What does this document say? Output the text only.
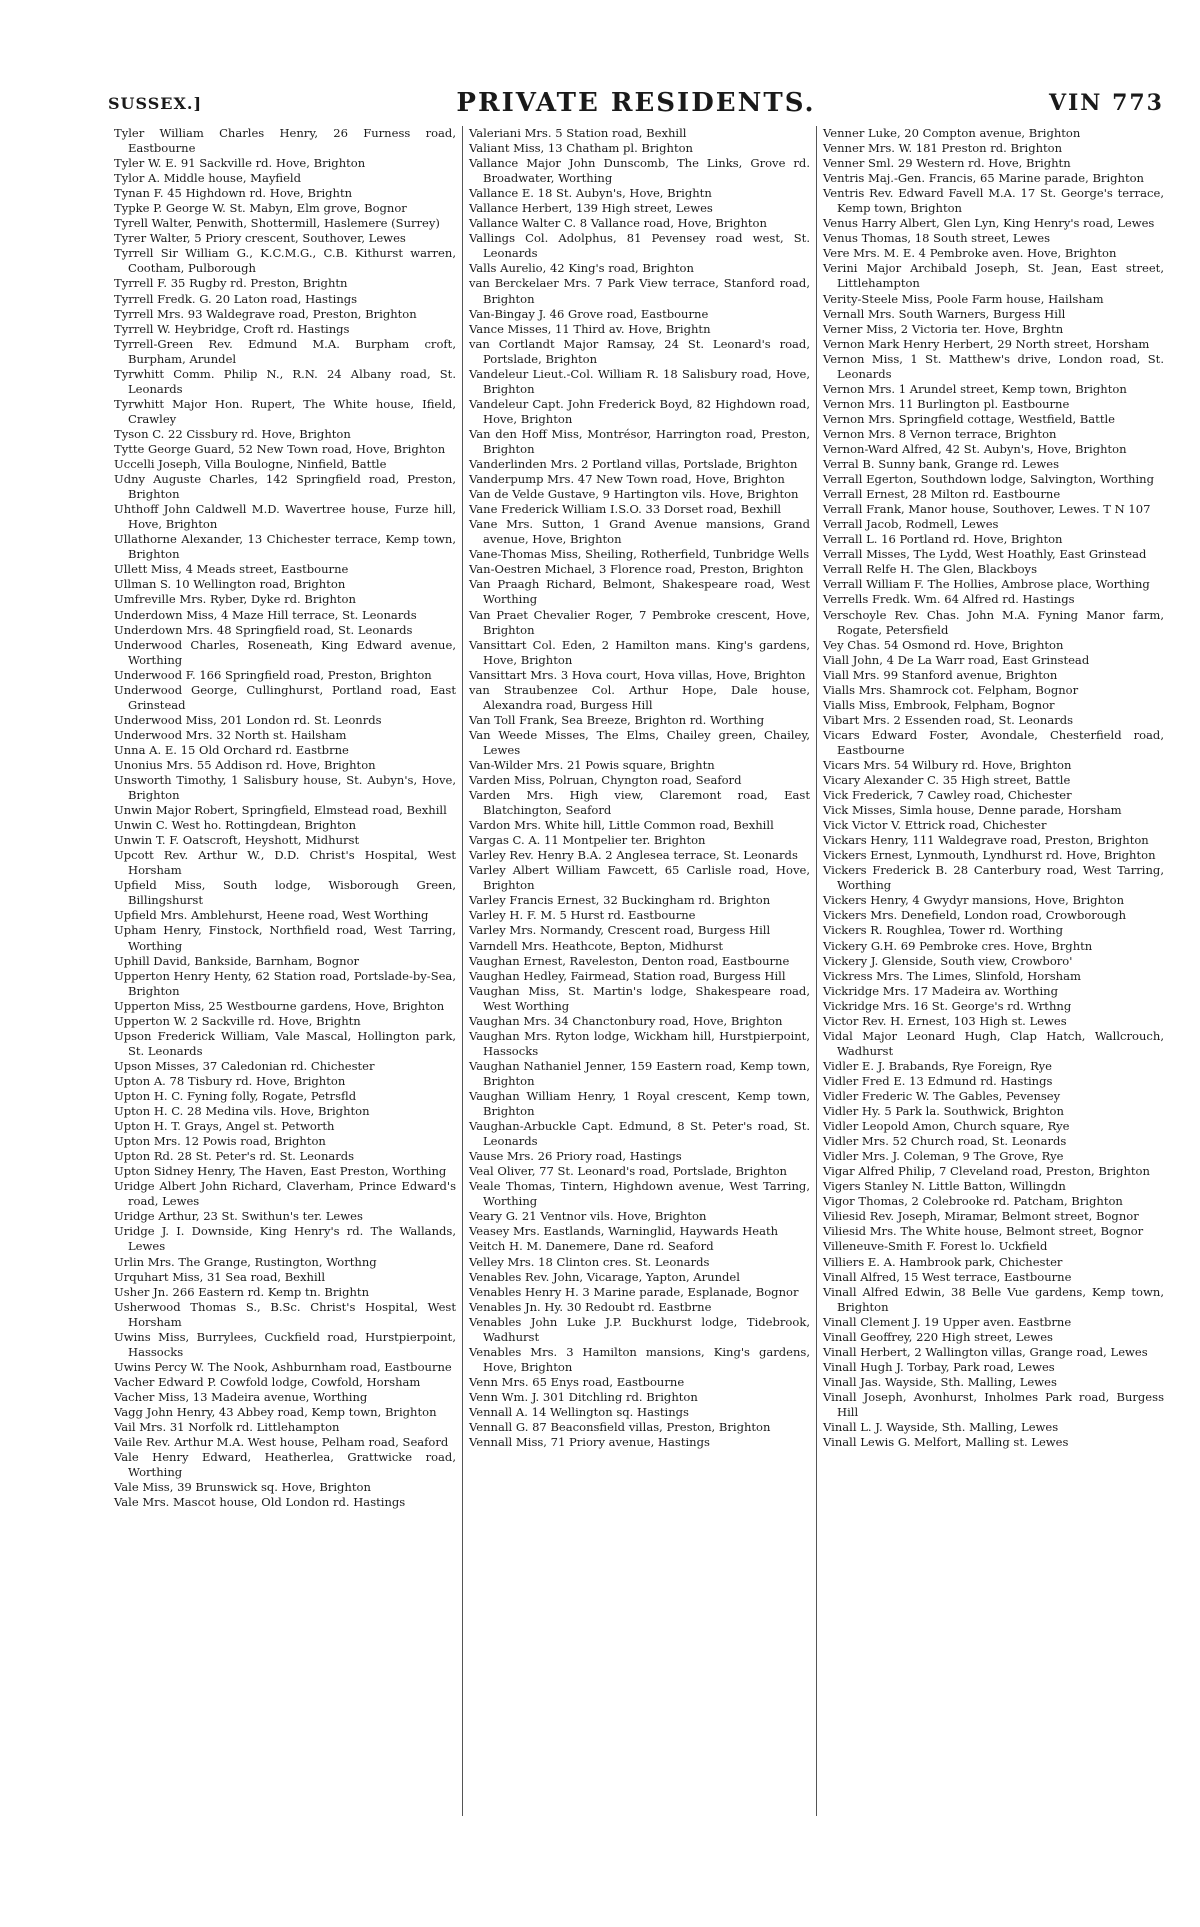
SUSSEX.]	PRIVATE RESIDENTS.	VIN 773

Tyler William Charles Henry, 26 Furness road, Eastbourne

Tyler W. E. 91 Sackville rd. Hove, Brighton

Tylor A. Middle house, Mayfield

Tynan F. 45 Highdown rd. Hove, Brightn

Typke P. George W. St. Mabyn, Elm grove, Bognor

Tyrell Walter, Penwith, Shottermill, Haslemere (Surrey)

Tyrer Walter, 5 Priory crescent, Southover, Lewes

Tyrrell Sir William G., K.C.M.G., C.B. Kithurst warren, Cootham, Pulborough

Tyrrell F. 35 Rugby rd. Preston, Brightn

Tyrrell Fredk. G. 20 Laton road, Hastings

Tyrrell Mrs. 93 Waldegrave road, Preston, Brighton

Tyrrell W. Heybridge, Croft rd. Hastings

Tyrrell-Green Rev. Edmund M.A. Burpham croft, Burpham, Arundel

Tyrwhitt Comm. Philip N., R.N. 24 Albany road, St. Leonards

Tyrwhitt Major Hon. Rupert, The White house, Ifield, Crawley

Tyson C. 22 Cissbury rd. Hove, Brighton

Tytte George Guard, 52 New Town road, Hove, Brighton

Uccelli Joseph, Villa Boulogne, Ninfield, Battle

Udny Auguste Charles, 142 Springfield road, Preston, Brighton

Uhthoff John Caldwell M.D. Wavertree house, Furze hill, Hove, Brighton

Ullathorne Alexander, 13 Chichester terrace, Kemp town, Brighton

Ullett Miss, 4 Meads street, Eastbourne

Ullman S. 10 Wellington road, Brighton

Umfreville Mrs. Ryber, Dyke rd. Brighton

Underdown Miss, 4 Maze Hill terrace, St. Leonards

Underdown Mrs. 48 Springfield road, St. Leonards

Underwood Charles, Roseneath, King Edward avenue, Worthing

Underwood F. 166 Springfield road, Preston, Brighton

Underwood George, Cullinghurst, Portland road, East Grinstead

Underwood Miss, 201 London rd. St. Leonrds

Underwood Mrs. 32 North st. Hailsham

Unna A. E. 15 Old Orchard rd. Eastbrne

Unonius Mrs. 55 Addison rd. Hove, Brighton

Unsworth Timothy, 1 Salisbury house, St. Aubyn's, Hove, Brighton

Unwin Major Robert, Springfield, Elmstead road, Bexhill

Unwin C. West ho. Rottingdean, Brighton

Unwin T. F. Oatscroft, Heyshott, Midhurst

Upcott Rev. Arthur W., D.D. Christ's Hospital, West Horsham

Upfield Miss, South lodge, Wisborough Green, Billingshurst

Upfield Mrs. Amblehurst, Heene road, West Worthing

Upham Henry, Finstock, Northfield road, West Tarring, Worthing

Uphill David, Bankside, Barnham, Bognor

Upperton Henry Henty, 62 Station road, Portslade-by-Sea, Brighton

Upperton Miss, 25 Westbourne gardens, Hove, Brighton

Upperton W. 2 Sackville rd. Hove, Brightn

Upson Frederick William, Vale Mascal, Hollington park, St. Leonards

Upson Misses, 37 Caledonian rd. Chichester

Upton A. 78 Tisbury rd. Hove, Brighton

Upton H. C. Fyning folly, Rogate, Petrsfld

Upton H. C. 28 Medina vils. Hove, Brighton

Upton H. T. Grays, Angel st. Petworth

Upton Mrs. 12 Powis road, Brighton

Upton Rd. 28 St. Peter's rd. St. Leonards

Upton Sidney Henry, The Haven, East Preston, Worthing

Uridge Albert John Richard, Claverham, Prince Edward's road, Lewes

Uridge Arthur, 23 St. Swithun's ter. Lewes

Uridge J. I. Downside, King Henry's rd. The Wallands, Lewes

Urlin Mrs. The Grange, Rustington, Worthng

Urquhart Miss, 31 Sea road, Bexhill

Usher Jn. 266 Eastern rd. Kemp tn. Brightn

Usherwood Thomas S., B.Sc. Christ's Hospital, West Horsham

Uwins Miss, Burrylees, Cuckfield road, Hurstpierpoint, Hassocks

Uwins Percy W. The Nook, Ashburnham road, Eastbourne

Vacher Edward P. Cowfold lodge, Cowfold, Horsham

Vacher Miss, 13 Madeira avenue, Worthing

Vagg John Henry, 43 Abbey road, Kemp town, Brighton

Vail Mrs. 31 Norfolk rd. Littlehampton

Vaile Rev. Arthur M.A. West house, Pelham road, Seaford

Vale Henry Edward, Heatherlea, Grattwicke road, Worthing

Vale Miss, 39 Brunswick sq. Hove, Brighton

Vale Mrs. Mascot house, Old London rd. Hastings

Valeriani Mrs. 5 Station road, Bexhill

Valiant Miss, 13 Chatham pl. Brighton

Vallance Major John Dunscomb, The Links, Grove rd. Broadwater, Worthing

Vallance E. 18 St. Aubyn's, Hove, Brightn

Vallance Herbert, 139 High street, Lewes

Vallance Walter C. 8 Vallance road, Hove, Brighton

Vallings Col. Adolphus, 81 Pevensey road west, St. Leonards

Valls Aurelio, 42 King's road, Brighton

van Berckelaer Mrs. 7 Park View terrace, Stanford road, Brighton

Van-Bingay J. 46 Grove road, Eastbourne

Vance Misses, 11 Third av. Hove, Brightn

van Cortlandt Major Ramsay, 24 St. Leonard's road, Portslade, Brighton

Vandeleur Lieut.-Col. William R. 18 Salisbury road, Hove, Brighton

Vandeleur Capt. John Frederick Boyd, 82 Highdown road, Hove, Brighton

Van den Hoff Miss, Montrésor, Harrington road, Preston, Brighton

Vanderlinden Mrs. 2 Portland villas, Portslade, Brighton

Vanderpump Mrs. 47 New Town road, Hove, Brighton

Van de Velde Gustave, 9 Hartington vils. Hove, Brighton

Vane Frederick William I.S.O. 33 Dorset road, Bexhill

Vane Mrs. Sutton, 1 Grand Avenue mansions, Grand avenue, Hove, Brighton

Vane-Thomas Miss, Sheiling, Rotherfield, Tunbridge Wells

Van-Oestren Michael, 3 Florence road, Preston, Brighton

Van Praagh Richard, Belmont, Shakespeare road, West Worthing

Van Praet Chevalier Roger, 7 Pembroke crescent, Hove, Brighton

Vansittart Col. Eden, 2 Hamilton mans. King's gardens, Hove, Brighton

Vansittart Mrs. 3 Hova court, Hova villas, Hove, Brighton

van Straubenzee Col. Arthur Hope, Dale house, Alexandra road, Burgess Hill

Van Toll Frank, Sea Breeze, Brighton rd. Worthing

Van Weede Misses, The Elms, Chailey green, Chailey, Lewes

Van-Wilder Mrs. 21 Powis square, Brightn

Varden Miss, Polruan, Chyngton road, Seaford

Varden Mrs. High view, Claremont road, East Blatchington, Seaford

Vardon Mrs. White hill, Little Common road, Bexhill

Vargas C. A. 11 Montpelier ter. Brighton

Varley Rev. Henry B.A. 2 Anglesea terrace, St. Leonards

Varley Albert William Fawcett, 65 Carlisle road, Hove, Brighton

Varley Francis Ernest, 32 Buckingham rd. Brighton

Varley H. F. M. 5 Hurst rd. Eastbourne

Varley Mrs. Normandy, Crescent road, Burgess Hill

Varndell Mrs. Heathcote, Bepton, Midhurst

Vaughan Ernest, Raveleston, Denton road, Eastbourne

Vaughan Hedley, Fairmead, Station road, Burgess Hill

Vaughan Miss, St. Martin's lodge, Shakespeare road, West Worthing

Vaughan Mrs. 34 Chanctonbury road, Hove, Brighton

Vaughan Mrs. Ryton lodge, Wickham hill, Hurstpierpoint, Hassocks

Vaughan Nathaniel Jenner, 159 Eastern road, Kemp town, Brighton

Vaughan William Henry, 1 Royal crescent, Kemp town, Brighton

Vaughan-Arbuckle Capt. Edmund, 8 St. Peter's road, St. Leonards

Vause Mrs. 26 Priory road, Hastings

Veal Oliver, 77 St. Leonard's road, Portslade, Brighton

Veale Thomas, Tintern, Highdown avenue, West Tarring, Worthing

Veary G. 21 Ventnor vils. Hove, Brighton

Veasey Mrs. Eastlands, Warninglid, Haywards Heath

Veitch H. M. Danemere, Dane rd. Seaford

Velley Mrs. 18 Clinton cres. St. Leonards

Venables Rev. John, Vicarage, Yapton, Arundel

Venables Henry H. 3 Marine parade, Esplanade, Bognor

Venables Jn. Hy. 30 Redoubt rd. Eastbrne

Venables John Luke J.P. Buckhurst lodge, Tidebrook, Wadhurst

Venables Mrs. 3 Hamilton mansions, King's gardens, Hove, Brighton

Venn Mrs. 65 Enys road, Eastbourne

Venn Wm. J. 301 Ditchling rd. Brighton

Vennall A. 14 Wellington sq. Hastings

Vennall G. 87 Beaconsfield villas, Preston, Brighton

Vennall Miss, 71 Priory avenue, Hastings

Venner Luke, 20 Compton avenue, Brighton

Venner Mrs. W. 181 Preston rd. Brighton

Venner Sml. 29 Western rd. Hove, Brightn

Ventris Maj.-Gen. Francis, 65 Marine parade, Brighton

Ventris Rev. Edward Favell M.A. 17 St. George's terrace, Kemp town, Brighton

Venus Harry Albert, Glen Lyn, King Henry's road, Lewes

Venus Thomas, 18 South street, Lewes

Vere Mrs. M. E. 4 Pembroke aven. Hove, Brighton

Verini Major Archibald Joseph, St. Jean, East street, Littlehampton

Verity-Steele Miss, Poole Farm house, Hailsham

Vernall Mrs. South Warners, Burgess Hill

Verner Miss, 2 Victoria ter. Hove, Brghtn

Vernon Mark Henry Herbert, 29 North street, Horsham

Vernon Miss, 1 St. Matthew's drive, London road, St. Leonards

Vernon Mrs. 1 Arundel street, Kemp town, Brighton

Vernon Mrs. 11 Burlington pl. Eastbourne

Vernon Mrs. Springfield cottage, Westfield, Battle

Vernon Mrs. 8 Vernon terrace, Brighton

Vernon-Ward Alfred, 42 St. Aubyn's, Hove, Brighton

Verral B. Sunny bank, Grange rd. Lewes

Verrall Egerton, Southdown lodge, Salvington, Worthing

Verrall Ernest, 28 Milton rd. Eastbourne

Verrall Frank, Manor house, Southover, Lewes. T N 107

Verrall Jacob, Rodmell, Lewes

Verrall L. 16 Portland rd. Hove, Brighton

Verrall Misses, The Lydd, West Hoathly, East Grinstead

Verrall Relfe H. The Glen, Blackboys

Verrall William F. The Hollies, Ambrose place, Worthing

Verrells Fredk. Wm. 64 Alfred rd. Hastings

Verschoyle Rev. Chas. John M.A. Fyning Manor farm, Rogate, Petersfield

Vey Chas. 54 Osmond rd. Hove, Brighton

Viall John, 4 De La Warr road, East Grinstead

Viall Mrs. 99 Stanford avenue, Brighton

Vialls Mrs. Shamrock cot. Felpham, Bognor

Vialls Miss, Embrook, Felpham, Bognor

Vibart Mrs. 2 Essenden road, St. Leonards

Vicars Edward Foster, Avondale, Chesterfield road, Eastbourne

Vicars Mrs. 54 Wilbury rd. Hove, Brighton

Vicary Alexander C. 35 High street, Battle

Vick Frederick, 7 Cawley road, Chichester

Vick Misses, Simla house, Denne parade, Horsham

Vick Victor V. Ettrick road, Chichester

Vickars Henry, 111 Waldegrave road, Preston, Brighton

Vickers Ernest, Lynmouth, Lyndhurst rd. Hove, Brighton

Vickers Frederick B. 28 Canterbury road, West Tarring, Worthing

Vickers Henry, 4 Gwydyr mansions, Hove, Brighton

Vickers Mrs. Denefield, London road, Crowborough

Vickers R. Roughlea, Tower rd. Worthing

Vickery G.H. 69 Pembroke cres. Hove, Brghtn

Vickery J. Glenside, South view, Crowboro'

Vickress Mrs. The Limes, Slinfold, Horsham

Vickridge Mrs. 17 Madeira av. Worthing

Vickridge Mrs. 16 St. George's rd. Wrthng

Victor Rev. H. Ernest, 103 High st. Lewes

Vidal Major Leonard Hugh, Clap Hatch, Wallcrouch, Wadhurst

Vidler E. J. Brabands, Rye Foreign, Rye

Vidler Fred E. 13 Edmund rd. Hastings

Vidler Frederic W. The Gables, Pevensey

Vidler Hy. 5 Park la. Southwick, Brighton

Vidler Leopold Amon, Church square, Rye

Vidler Mrs. 52 Church road, St. Leonards

Vidler Mrs. J. Coleman, 9 The Grove, Rye

Vigar Alfred Philip, 7 Cleveland road, Preston, Brighton

Vigers Stanley N. Little Batton, Willingdn

Vigor Thomas, 2 Colebrooke rd. Patcham, Brighton

Viliesid Rev. Joseph, Miramar, Belmont street, Bognor

Viliesid Mrs. The White house, Belmont street, Bognor

Villeneuve-Smith F. Forest lo. Uckfield

Villiers E. A. Hambrook park, Chichester

Vinall Alfred, 15 West terrace, Eastbourne

Vinall Alfred Edwin, 38 Belle Vue gardens, Kemp town, Brighton

Vinall Clement J. 19 Upper aven. Eastbrne

Vinall Geoffrey, 220 High street, Lewes

Vinall Herbert, 2 Wallington villas, Grange road, Lewes

Vinall Hugh J. Torbay, Park road, Lewes

Vinall Jas. Wayside, Sth. Malling, Lewes

Vinall Joseph, Avonhurst, Inholmes Park road, Burgess Hill

Vinall L. J. Wayside, Sth. Malling, Lewes

Vinall Lewis G. Melfort, Malling st. Lewes
